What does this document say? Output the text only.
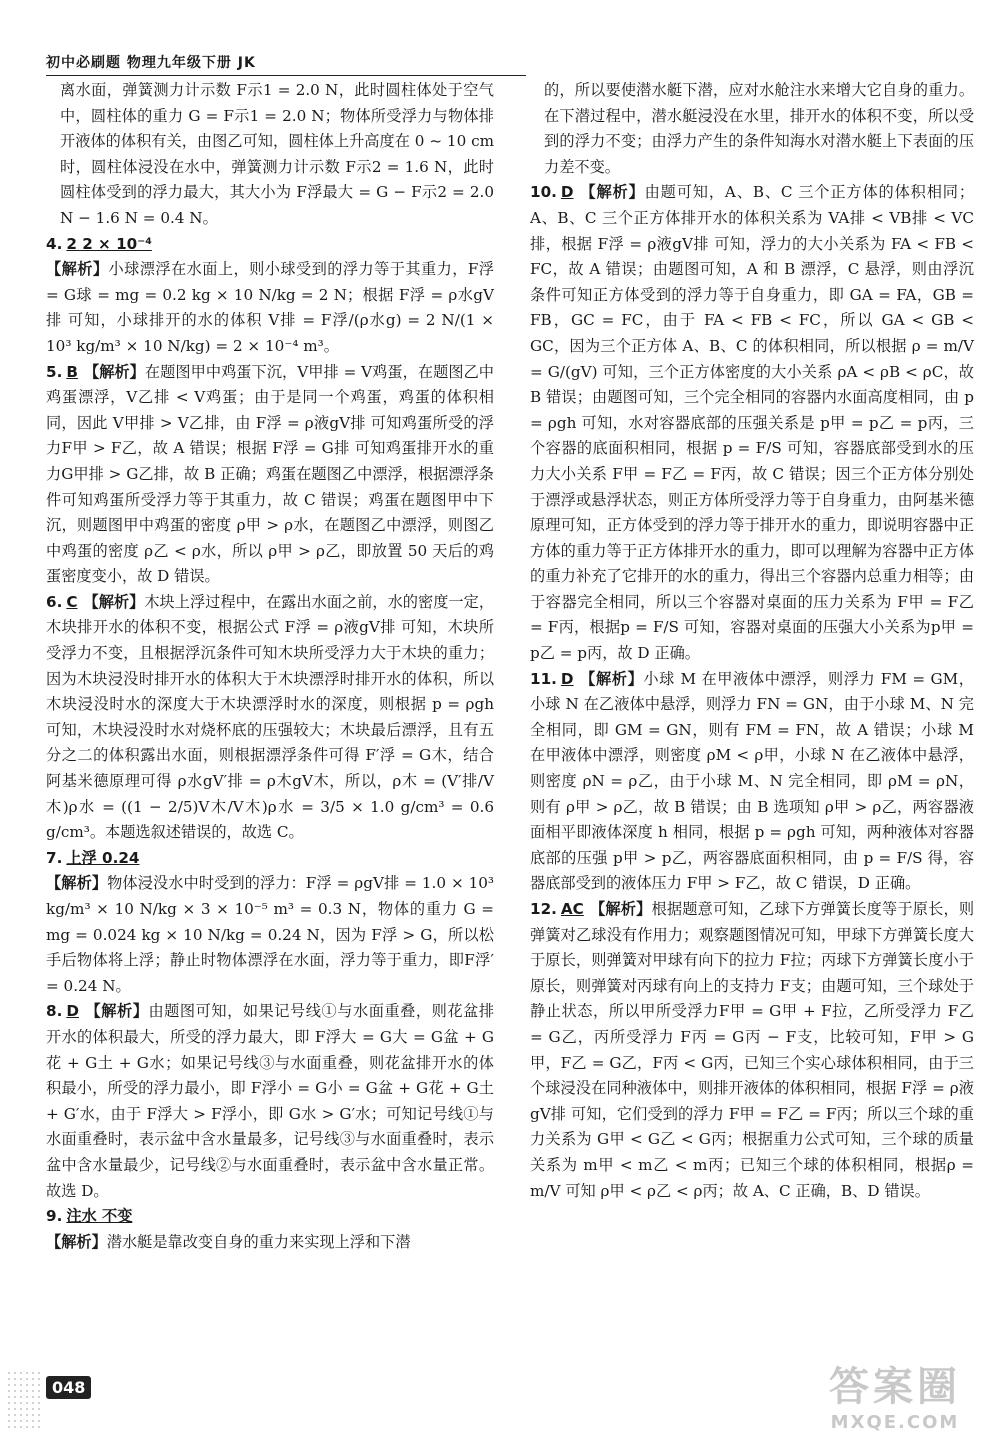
初中必刷题 物理九年级下册 JK

离水面，弹簧测力计示数 F示1 = 2.0 N，此时圆柱体处于空气中，圆柱体的重力 G = F示1 = 2.0 N；物体所受浮力与物体排开液体的体积有关，由图乙可知，圆柱体上升高度在 0 ~ 10 cm 时，圆柱体浸没在水中，弹簧测力计示数 F示2 = 1.6 N，此时圆柱体受到的浮力最大，其大小为 F浮最大 = G − F示2 = 2.0 N − 1.6 N = 0.4 N。

4. 2 2 × 10⁻⁴

【解析】小球漂浮在水面上，则小球受到的浮力等于其重力，F浮 = G球 = mg = 0.2 kg × 10 N/kg = 2 N；根据 F浮 = ρ水gV排 可知，小球排开的水的体积 V排 = F浮/(ρ水g) = 2 N/(1 × 10³ kg/m³ × 10 N/kg) = 2 × 10⁻⁴ m³。

5. B 【解析】在题图甲中鸡蛋下沉，V甲排 = V鸡蛋，在题图乙中鸡蛋漂浮，V乙排 < V鸡蛋；由于是同一个鸡蛋，鸡蛋的体积相同，因此 V甲排 > V乙排，由 F浮 = ρ液gV排 可知鸡蛋所受的浮力F甲 > F乙，故 A 错误；根据 F浮 = G排 可知鸡蛋排开水的重力G甲排 > G乙排，故 B 正确；鸡蛋在题图乙中漂浮，根据漂浮条件可知鸡蛋所受浮力等于其重力，故 C 错误；鸡蛋在题图甲中下沉，则题图甲中鸡蛋的密度 ρ甲 > ρ水，在题图乙中漂浮，则图乙中鸡蛋的密度 ρ乙 < ρ水，所以 ρ甲 > ρ乙，即放置 50 天后的鸡蛋密度变小，故 D 错误。

6. C 【解析】木块上浮过程中，在露出水面之前，水的密度一定，木块排开水的体积不变，根据公式 F浮 = ρ液gV排 可知，木块所受浮力不变，且根据浮沉条件可知木块所受浮力大于木块的重力；因为木块浸没时排开水的体积大于木块漂浮时排开水的体积，所以木块浸没时水的深度大于木块漂浮时水的深度，则根据 p = ρgh 可知，木块浸没时水对烧杯底的压强较大；木块最后漂浮，且有五分之二的体积露出水面，则根据漂浮条件可得 F′浮 = G木，结合阿基米德原理可得 ρ水gV′排 = ρ木gV木，所以，ρ木 = (V′排/V木)ρ水 = ((1 − 2/5)V木/V木)ρ水 = 3/5 × 1.0 g/cm³ = 0.6 g/cm³。本题选叙述错误的，故选 C。

7. 上浮 0.24

【解析】物体浸没水中时受到的浮力：F浮 = ρgV排 = 1.0 × 10³ kg/m³ × 10 N/kg × 3 × 10⁻⁵ m³ = 0.3 N，物体的重力 G = mg = 0.024 kg × 10 N/kg = 0.24 N，因为 F浮 > G，所以松手后物体将上浮；静止时物体漂浮在水面，浮力等于重力，即F浮′ = 0.24 N。

8. D 【解析】由题图可知，如果记号线①与水面重叠，则花盆排开水的体积最大，所受的浮力最大，即 F浮大 = G大 = G盆 + G花 + G土 + G水；如果记号线③与水面重叠，则花盆排开水的体积最小，所受的浮力最小，即 F浮小 = G小 = G盆 + G花 + G土 + G′水，由于 F浮大 > F浮小，即 G水 > G′水；可知记号线①与水面重叠时，表示盆中含水量最多，记号线③与水面重叠时，表示盆中含水量最少，记号线②与水面重叠时，表示盆中含水量正常。故选 D。

9. 注水 不变

【解析】潜水艇是靠改变自身的重力来实现上浮和下潜

的，所以要使潜水艇下潜，应对水舱注水来增大它自身的重力。在下潜过程中，潜水艇浸没在水里，排开水的体积不变，所以受到的浮力不变；由浮力产生的条件知海水对潜水艇上下表面的压力差不变。

10. D 【解析】由题可知，A、B、C 三个正方体的体积相同；A、B、C 三个正方体排开水的体积关系为 VA排 < VB排 < VC排，根据 F浮 = ρ液gV排 可知，浮力的大小关系为 FA < FB < FC，故 A 错误；由题图可知，A 和 B 漂浮，C 悬浮，则由浮沉条件可知正方体受到的浮力等于自身重力，即 GA = FA，GB = FB，GC = FC，由于 FA < FB < FC，所以 GA < GB < GC，因为三个正方体 A、B、C 的体积相同，所以根据 ρ = m/V = G/(gV) 可知，三个正方体密度的大小关系 ρA < ρB < ρC，故 B 错误；由题图可知，三个完全相同的容器内水面高度相同，由 p = ρgh 可知，水对容器底部的压强关系是 p甲 = p乙 = p丙，三个容器的底面积相同，根据 p = F/S 可知，容器底部受到水的压力大小关系 F甲 = F乙 = F丙，故 C 错误；因三个正方体分别处于漂浮或悬浮状态，则正方体所受浮力等于自身重力，由阿基米德原理可知，正方体受到的浮力等于排开水的重力，即说明容器中正方体的重力等于正方体排开水的重力，即可以理解为容器中正方体的重力补充了它排开的水的重力，得出三个容器内总重力相等；由于容器完全相同，所以三个容器对桌面的压力关系为 F甲 = F乙 = F丙，根据p = F/S 可知，容器对桌面的压强大小关系为p甲 = p乙 = p丙，故 D 正确。

11. D 【解析】小球 M 在甲液体中漂浮，则浮力 FM = GM，小球 N 在乙液体中悬浮，则浮力 FN = GN，由于小球 M、N 完全相同，即 GM = GN，则有 FM = FN，故 A 错误；小球 M 在甲液体中漂浮，则密度 ρM < ρ甲，小球 N 在乙液体中悬浮，则密度 ρN = ρ乙，由于小球 M、N 完全相同，即 ρM = ρN，则有 ρ甲 > ρ乙，故 B 错误；由 B 选项知 ρ甲 > ρ乙，两容器液面相平即液体深度 h 相同，根据 p = ρgh 可知，两种液体对容器底部的压强 p甲 > p乙，两容器底面积相同，由 p = F/S 得，容器底部受到的液体压力 F甲 > F乙，故 C 错误，D 正确。

12. AC 【解析】根据题意可知，乙球下方弹簧长度等于原长，则弹簧对乙球没有作用力；观察题图情况可知，甲球下方弹簧长度大于原长，则弹簧对甲球有向下的拉力 F拉；丙球下方弹簧长度小于原长，则弹簧对丙球有向上的支持力 F支；由题可知，三个球处于静止状态，所以甲所受浮力F甲 = G甲 + F拉，乙所受浮力 F乙 = G乙，丙所受浮力 F丙 = G丙 − F支，比较可知，F甲 > G甲，F乙 = G乙，F丙 < G丙，已知三个实心球体积相同，由于三个球浸没在同种液体中，则排开液体的体积相同，根据 F浮 = ρ液gV排 可知，它们受到的浮力 F甲 = F乙 = F丙；所以三个球的重力关系为 G甲 < G乙 < G丙；根据重力公式可知，三个球的质量关系为 m甲 < m乙 < m丙；已知三个球的体积相同，根据ρ = m/V 可知 ρ甲 < ρ乙 < ρ丙；故 A、C 正确，B、D 错误。

048	答案圈
MXQE.COM
